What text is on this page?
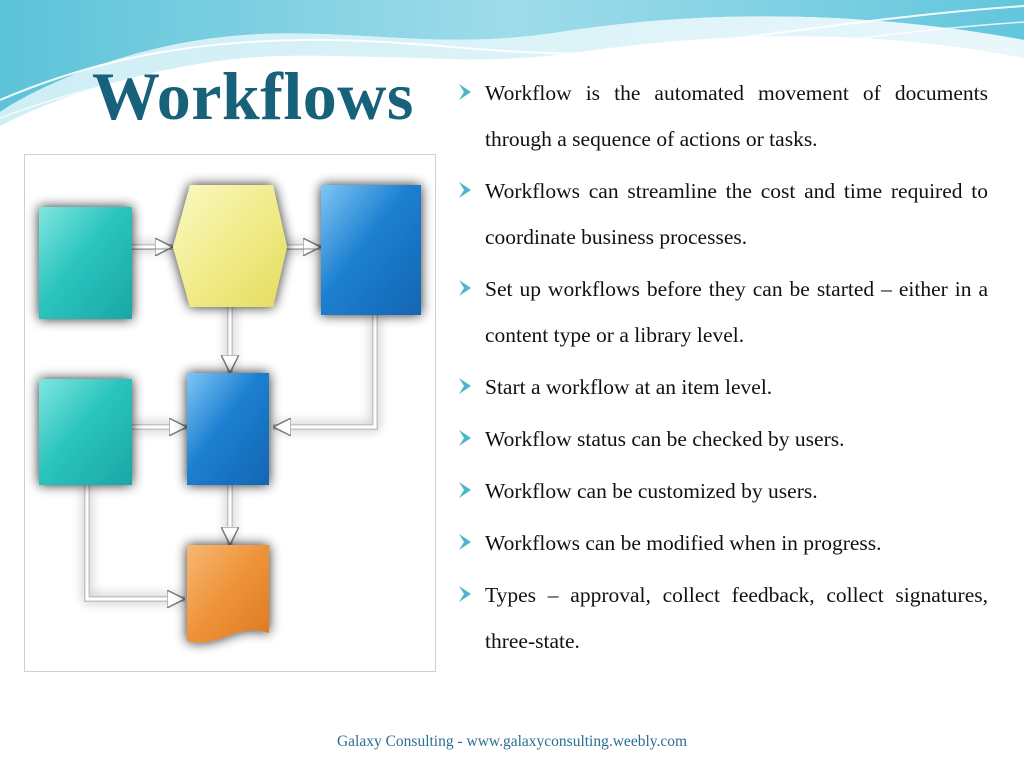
Workflows	Workflow is the automated movement of documents through a sequence of actions or tasks.
Workflows can streamline the cost and time required to coordinate business processes.
Set up workflows before they can be started – either in a content type or a library level.
Start a workflow at an item level.
Workflow status can be checked by users.
Workflow can be customized by users.
Workflows can be modified when in progress.
Types – approval, collect feedback, collect signatures, three-state.
Galaxy Consulting - www.galaxyconsulting.weebly.com
